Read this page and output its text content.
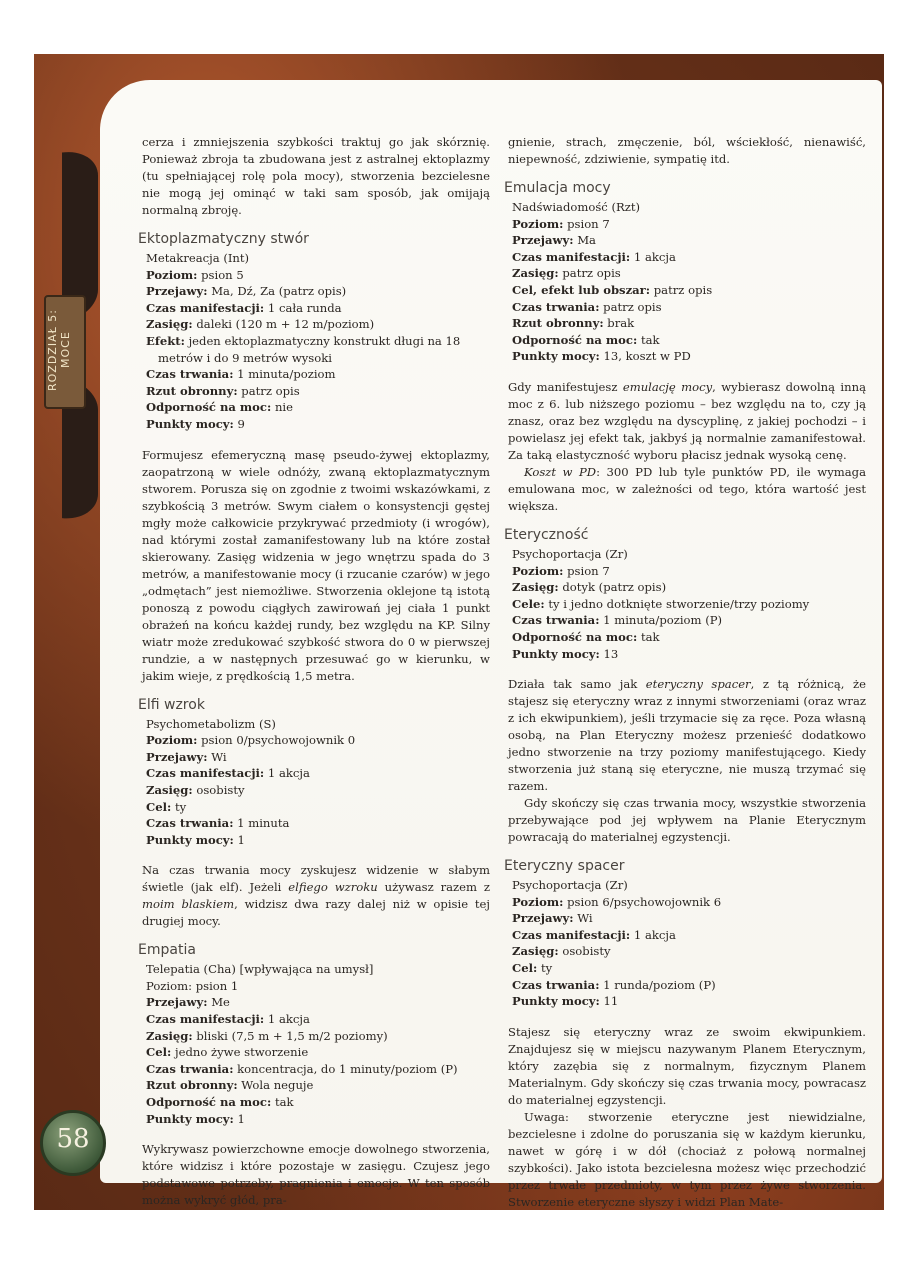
ROZDZIAŁ 5: MOCE
58

cerza i zmniejszenia szybkości traktuj go jak skórznię. Ponieważ zbroja ta zbudowana jest z astralnej ektoplazmy (tu spełniającej rolę pola mocy), stworzenia bezcielesne nie mogą jej ominąć w taki sam sposób, jak omijają normalną zbroję.

Ektoplazmatyczny stwór
Metakreacja (Int)
Poziom: psion 5
Przejawy: Ma, Dź, Za (patrz opis)
Czas manifestacji: 1 cała runda
Zasięg: daleki (120 m + 12 m/poziom)
Efekt: jeden ektoplazmatyczny konstrukt długi na 18 metrów i do 9 metrów wysoki
Czas trwania: 1 minuta/poziom
Rzut obronny: patrz opis
Odporność na moc: nie
Punkty mocy: 9

Formujesz efemeryczną masę pseudo-żywej ektoplazmy, zaopatrzoną w wiele odnóży, zwaną ektoplazmatycznym stworem. Porusza się on zgodnie z twoimi wskazówkami, z szybkością 3 metrów. Swym ciałem o konsystencji gęstej mgły może całkowicie przykrywać przedmioty (i wrogów), nad którymi został zamanifestowany lub na które został skierowany. Zasięg widzenia w jego wnętrzu spada do 3 metrów, a manifestowanie mocy (i rzucanie czarów) w jego „odmętach” jest niemożliwe. Stworzenia oklejone tą istotą ponoszą z powodu ciągłych zawirowań jej ciała 1 punkt obrażeń na końcu każdej rundy, bez względu na KP. Silny wiatr może zredukować szybkość stwora do 0 w pierwszej rundzie, a w następnych przesuwać go w kierunku, w jakim wieje, z prędkością 1,5 metra.

Elfi wzrok
Psychometabolizm (S)
Poziom: psion 0/psychowojownik 0
Przejawy: Wi
Czas manifestacji: 1 akcja
Zasięg: osobisty
Cel: ty
Czas trwania: 1 minuta
Punkty mocy: 1

Na czas trwania mocy zyskujesz widzenie w słabym świetle (jak elf). Jeżeli elfiego wzroku używasz razem z moim blaskiem, widzisz dwa razy dalej niż w opisie tej drugiej mocy.

Empatia
Telepatia (Cha) [wpływająca na umysł]
Poziom: psion 1
Przejawy: Me
Czas manifestacji: 1 akcja
Zasięg: bliski (7,5 m + 1,5 m/2 poziomy)
Cel: jedno żywe stworzenie
Czas trwania: koncentracja, do 1 minuty/poziom (P)
Rzut obronny: Wola neguje
Odporność na moc: tak
Punkty mocy: 1

Wykrywasz powierzchowne emocje dowolnego stworzenia, które widzisz i które pozostaje w zasięgu. Czujesz jego podstawowe potrzeby, pragnienia i emocje. W ten sposób można wykryć głód, pra-

gnienie, strach, zmęczenie, ból, wściekłość, nienawiść, niepewność, zdziwienie, sympatię itd.

Emulacja mocy
Nadświadomość (Rzt)
Poziom: psion 7
Przejawy: Ma
Czas manifestacji: 1 akcja
Zasięg: patrz opis
Cel, efekt lub obszar: patrz opis
Czas trwania: patrz opis
Rzut obronny: brak
Odporność na moc: tak
Punkty mocy: 13, koszt w PD

Gdy manifestujesz emulację mocy, wybierasz dowolną inną moc z 6. lub niższego poziomu – bez względu na to, czy ją znasz, oraz bez względu na dyscyplinę, z jakiej pochodzi – i powielasz jej efekt tak, jakbyś ją normalnie zamanifestował. Za taką elastyczność wyboru płacisz jednak wysoką cenę.

Koszt w PD: 300 PD lub tyle punktów PD, ile wymaga emulowana moc, w zależności od tego, która wartość jest większa.

Eteryczność
Psychoportacja (Zr)
Poziom: psion 7
Zasięg: dotyk (patrz opis)
Cele: ty i jedno dotknięte stworzenie/trzy poziomy
Czas trwania: 1 minuta/poziom (P)
Odporność na moc: tak
Punkty mocy: 13

Działa tak samo jak eteryczny spacer, z tą różnicą, że stajesz się eteryczny wraz z innymi stworzeniami (oraz wraz z ich ekwipunkiem), jeśli trzymacie się za ręce. Poza własną osobą, na Plan Eteryczny możesz przenieść dodatkowo jedno stworzenie na trzy poziomy manifestującego. Kiedy stworzenia już staną się eteryczne, nie muszą trzymać się razem.

Gdy skończy się czas trwania mocy, wszystkie stworzenia przebywające pod jej wpływem na Planie Eterycznym powracają do materialnej egzystencji.

Eteryczny spacer
Psychoportacja (Zr)
Poziom: psion 6/psychowojownik 6
Przejawy: Wi
Czas manifestacji: 1 akcja
Zasięg: osobisty
Cel: ty
Czas trwania: 1 runda/poziom (P)
Punkty mocy: 11

Stajesz się eteryczny wraz ze swoim ekwipunkiem. Znajdujesz się w miejscu nazywanym Planem Eterycznym, który zazębia się z normalnym, fizycznym Planem Materialnym. Gdy skończy się czas trwania mocy, powracasz do materialnej egzystencji.

Uwaga: stworzenie eteryczne jest niewidzialne, bezcielesne i zdolne do poruszania się w każdym kierunku, nawet w górę i w dół (chociaż z połową normalnej szybkości). Jako istota bezcielesna możesz więc przechodzić przez trwałe przedmioty, w tym przez żywe stworzenia. Stworzenie eteryczne słyszy i widzi Plan Mate-
